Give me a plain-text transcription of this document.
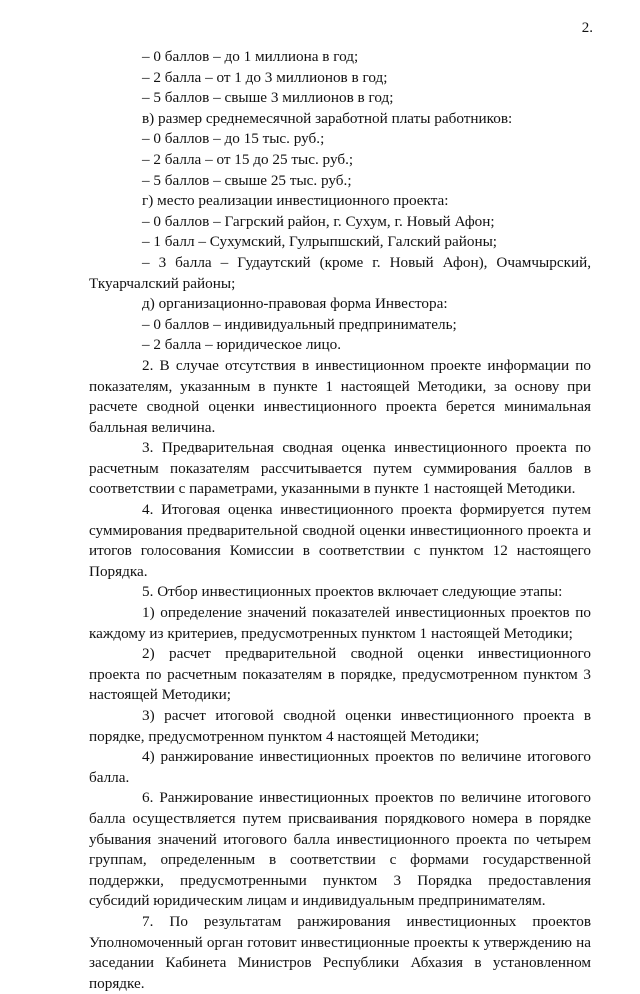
2.

– 0 баллов – до 1 миллиона в год;

– 2 балла – от 1 до 3 миллионов в год;

– 5 баллов – свыше 3 миллионов в год;

в) размер среднемесячной заработной платы работников:

– 0 баллов – до 15 тыс. руб.;

– 2 балла – от 15 до 25 тыс. руб.;

– 5 баллов – свыше 25 тыс. руб.;

г) место реализации инвестиционного проекта:

– 0 баллов – Гагрский район, г. Сухум, г. Новый Афон;

– 1 балл – Сухумский, Гулрыпшский, Галский районы;

– 3 балла – Гудаутский (кроме г. Новый Афон), Очамчырский, Ткуарчалский районы;

д) организационно-правовая форма Инвестора:

– 0 баллов – индивидуальный предприниматель;

– 2 балла – юридическое лицо.

2. В случае отсутствия в инвестиционном проекте информации по показателям, указанным в пункте 1 настоящей Методики, за основу при расчете сводной оценки инвестиционного проекта берется минимальная балльная величина.

3. Предварительная сводная оценка инвестиционного проекта по расчетным показателям рассчитывается путем суммирования баллов в соответствии с параметрами, указанными в пункте 1 настоящей Методики.

4. Итоговая оценка инвестиционного проекта формируется путем суммирования предварительной сводной оценки инвестиционного проекта и итогов голосования Комиссии в соответствии с пунктом 12 настоящего Порядка.

5. Отбор инвестиционных проектов включает следующие этапы:

1) определение значений показателей инвестиционных проектов по каждому из критериев, предусмотренных пунктом 1 настоящей Методики;

2) расчет предварительной сводной оценки инвестиционного проекта по расчетным показателям в порядке, предусмотренном пунктом 3 настоящей Методики;

3) расчет итоговой сводной оценки инвестиционного проекта в порядке, предусмотренном пунктом 4 настоящей Методики;

4) ранжирование инвестиционных проектов по величине итогового балла.

6. Ранжирование инвестиционных проектов по величине итогового балла осуществляется путем присваивания порядкового номера в порядке убывания значений итогового балла инвестиционного проекта по четырем группам, определенным в соответствии с формами государственной поддержки, предусмотренными пунктом 3 Порядка предоставления субсидий юридическим лицам и индивидуальным предпринимателям.

7. По результатам ранжирования инвестиционных проектов Уполномоченный орган готовит инвестиционные проекты к утверждению на заседании Кабинета Министров Республики Абхазия в установленном порядке.
